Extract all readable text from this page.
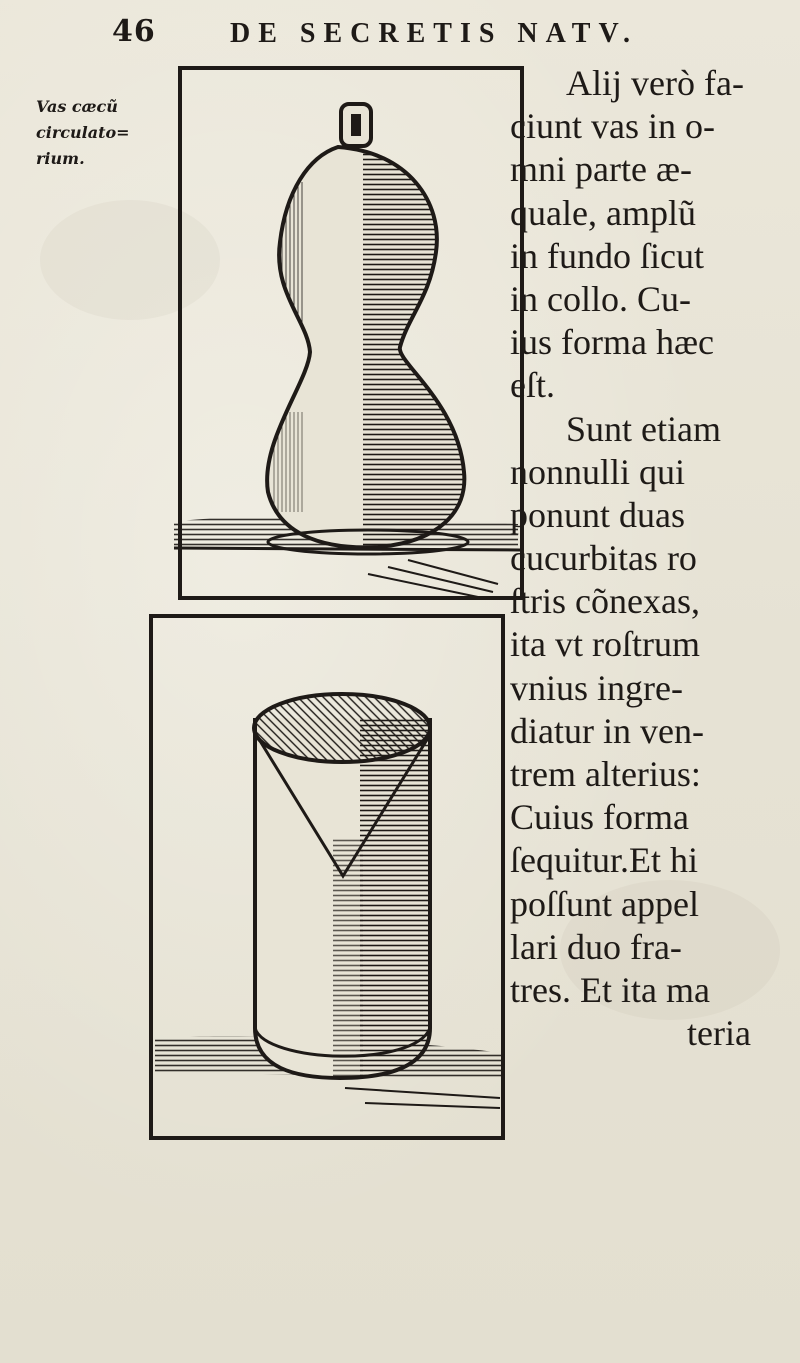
46	DE SECRETIS NATV.
Vas cæcũ
circulato=
rium.
Alij verò fa-
ciunt vas in o-
mni parte æ-
quale, amplũ
in fundo ſicut
in collo. Cu-
ius forma hæc
eſt.
Sunt etiam
nonnulli qui
ponunt duas
cucurbitas ro
ſtris cõnexas,
ita vt roſtrum
vnius ingre-
diatur in ven-
trem alterius:
Cuius forma
ſequitur.Et hi
poſſunt appel
lari duo fra-
tres. Et ita ma
teria
